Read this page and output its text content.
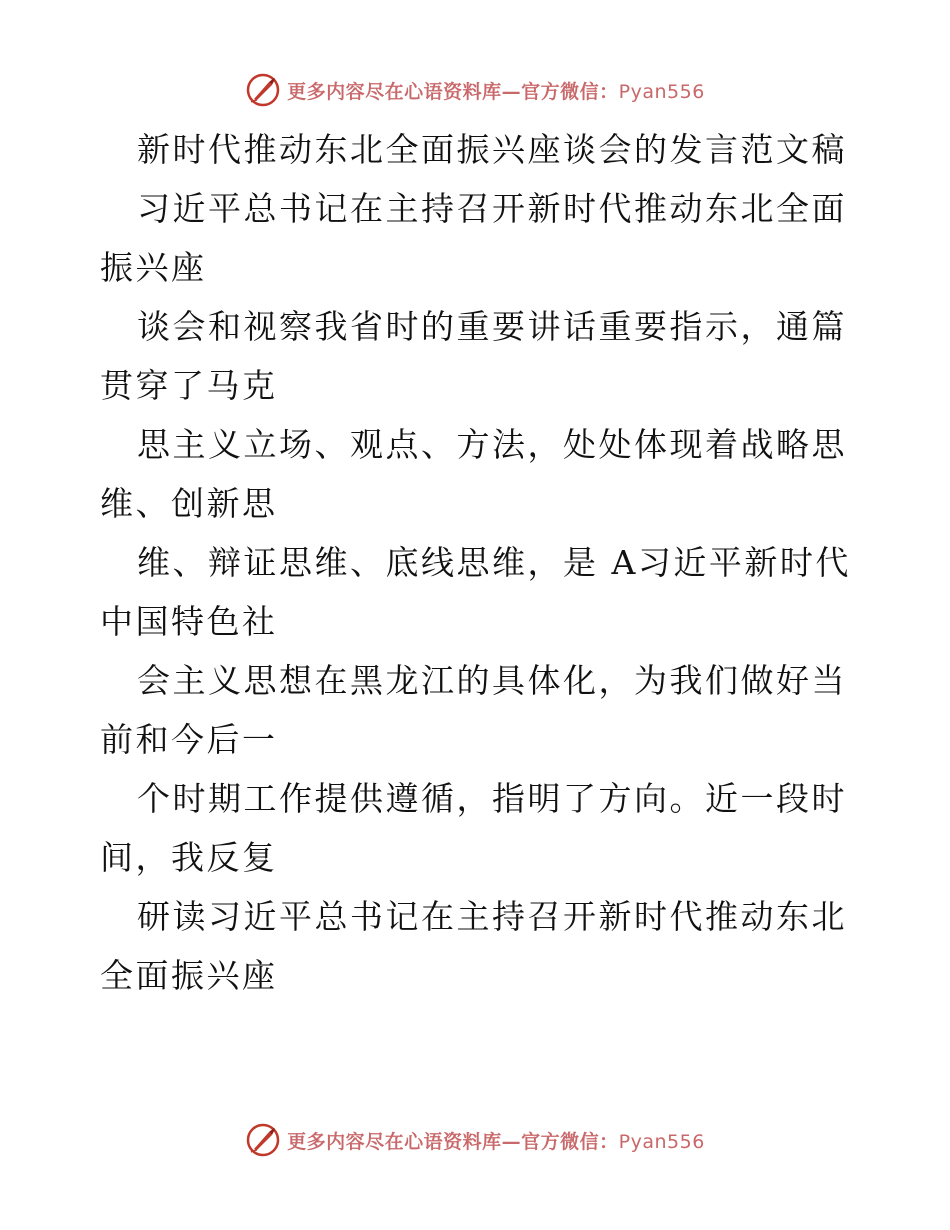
更多内容尽在心语资料库—官方微信：Pyan556

新时代推动东北全面振兴座谈会的发言范文稿

习近平总书记在主持召开新时代推动东北全面振兴座

谈会和视察我省时的重要讲话重要指示，通篇贯穿了马克

思主义立场、观点、方法，处处体现着战略思维、创新思

维、辩证思维、底线思维，是 A习近平新时代中国特色社

会主义思想在黑龙江的具体化，为我们做好当前和今后一

个时期工作提供遵循，指明了方向。近一段时间，我反复

研读习近平总书记在主持召开新时代推动东北全面振兴座

更多内容尽在心语资料库—官方微信：Pyan556
